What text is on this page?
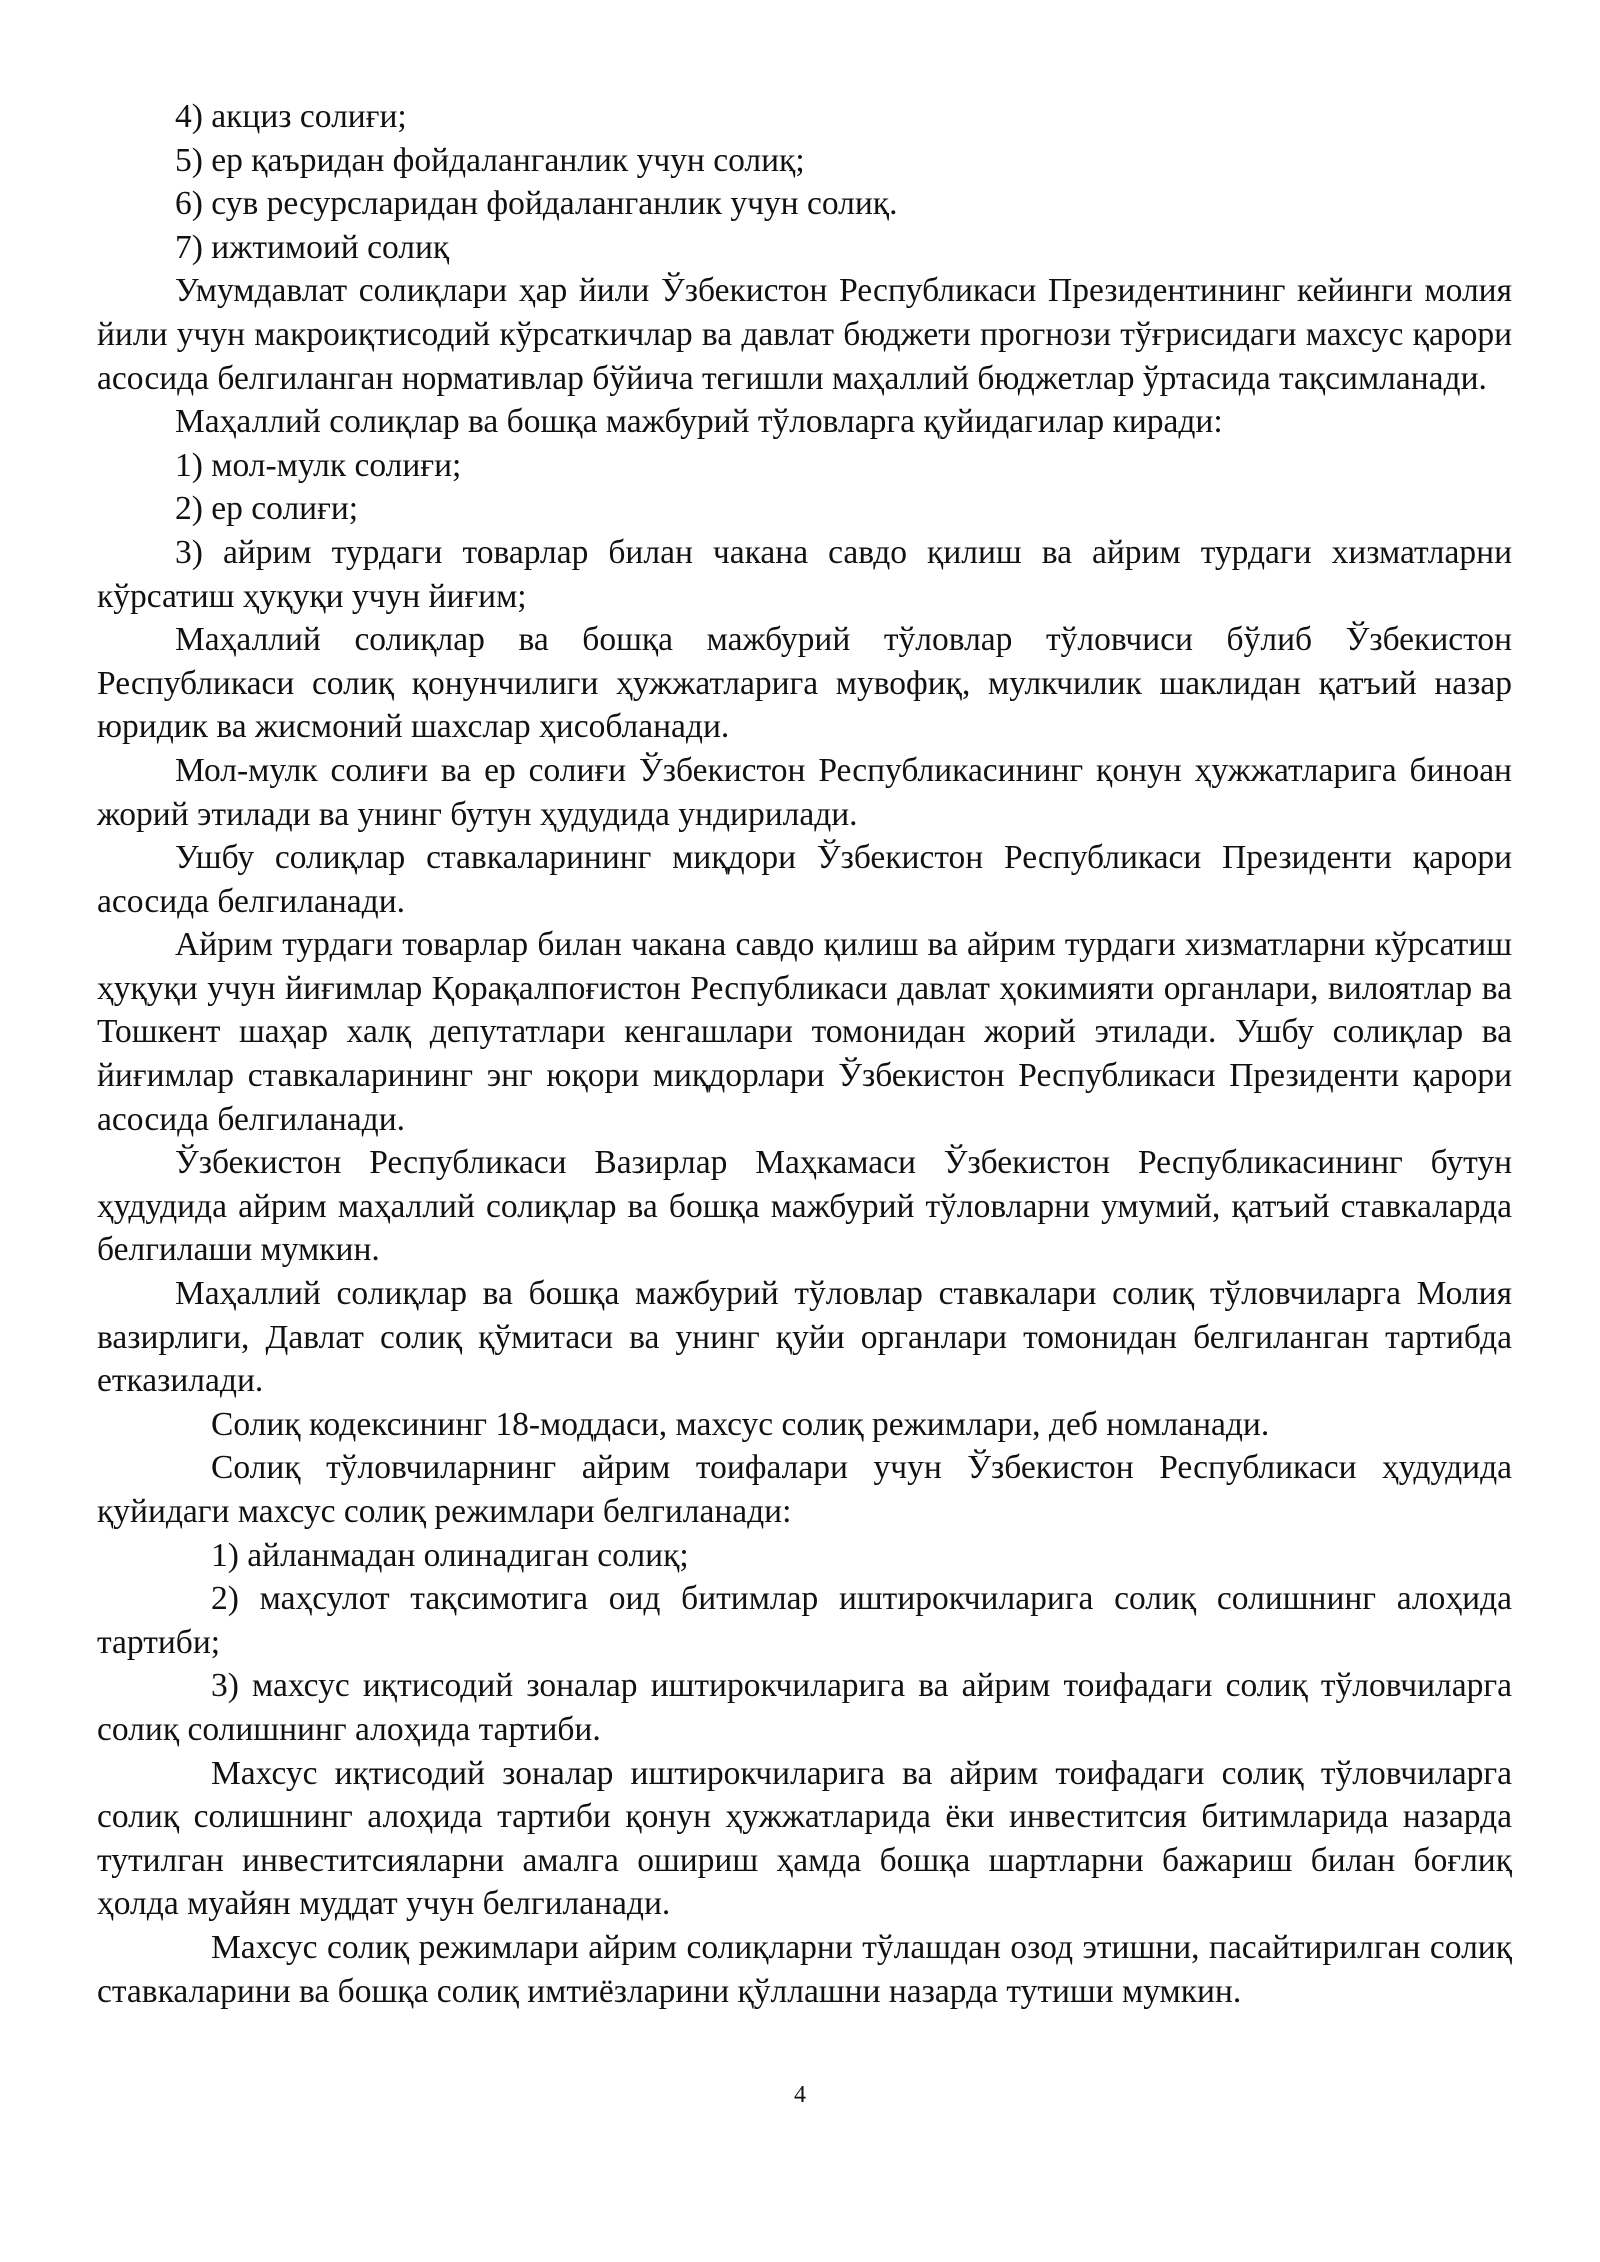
4) акциз солиғи;

5) ер қаъридан фойдаланганлик учун солиқ;

6) сув ресурсларидан фойдаланганлик учун солиқ.

7) ижтимоий солиқ

Умумдавлат солиқлари ҳар йили Ўзбекистон Республикаси Президентининг кейинги молия йили учун макроиқтисодий кўрсаткичлар ва давлат бюджети прогнози тўғрисидаги махсус қарори асосида белгиланган нормативлар бўйича тегишли маҳаллий бюджетлар ўртасида тақсимланади.

Маҳаллий солиқлар ва бошқа мажбурий тўловларга қуйидагилар киради:

1) мол-мулк солиғи;

2) ер солиғи;

3) айрим турдаги товарлар билан чакана савдо қилиш ва айрим турдаги хизматларни кўрсатиш ҳуқуқи учун йиғим;

Маҳаллий солиқлар ва бошқа мажбурий тўловлар тўловчиси бўлиб Ўзбекистон Республикаси солиқ қонунчилиги ҳужжатларига мувофиқ, мулкчилик шаклидан қатъий назар юридик ва жисмоний шахслар ҳисобланади.

Мол-мулк солиғи ва ер солиғи Ўзбекистон Республикасининг қонун ҳужжатларига биноан жорий этилади ва унинг бутун ҳудудида ундирилади.

Ушбу солиқлар ставкаларининг миқдори Ўзбекистон Республикаси Президенти қарори асосида белгиланади.

Айрим турдаги товарлар билан чакана савдо қилиш ва айрим турдаги хизматларни кўрсатиш ҳуқуқи учун йиғимлар Қорақалпоғистон Республикаси давлат ҳокимияти органлари, вилоятлар ва Тошкент шаҳар халқ депутатлари кенгашлари томонидан жорий этилади. Ушбу солиқлар ва йиғимлар ставкаларининг энг юқори миқдорлари Ўзбекистон Республикаси Президенти қарори асосида белгиланади.

Ўзбекистон Республикаси Вазирлар Маҳкамаси Ўзбекистон Республикасининг бутун ҳудудида айрим маҳаллий солиқлар ва бошқа мажбурий тўловларни умумий, қатъий ставкаларда белгилаши мумкин.

Маҳаллий солиқлар ва бошқа мажбурий тўловлар ставкалари солиқ тўловчиларга Молия вазирлиги, Давлат солиқ қўмитаси ва унинг қуйи органлари томонидан белгиланган тартибда етказилади.

Солиқ кодексининг 18-моддаси, махсус солиқ режимлари, деб номланади.

Солиқ тўловчиларнинг айрим тоифалари учун Ўзбекистон Республикаси ҳудудида қуйидаги махсус солиқ режимлари белгиланади:

1) айланмадан олинадиган солиқ;

2) маҳсулот тақсимотига оид битимлар иштирокчиларига солиқ солишнинг алоҳида тартиби;

3) махсус иқтисодий зоналар иштирокчиларига ва айрим тоифадаги солиқ тўловчиларга солиқ солишнинг алоҳида тартиби.

Махсус иқтисодий зоналар иштирокчиларига ва айрим тоифадаги солиқ тўловчиларга солиқ солишнинг алоҳида тартиби қонун ҳужжатларида ёки инвеститсия битимларида назарда тутилган инвеститсияларни амалга ошириш ҳамда бошқа шартларни бажариш билан боғлиқ ҳолда муайян муддат учун белгиланади.

Махсус солиқ режимлари айрим солиқларни тўлашдан озод этишни, пасайтирилган солиқ ставкаларини ва бошқа солиқ имтиёзларини қўллашни назарда тутиши мумкин.

4
